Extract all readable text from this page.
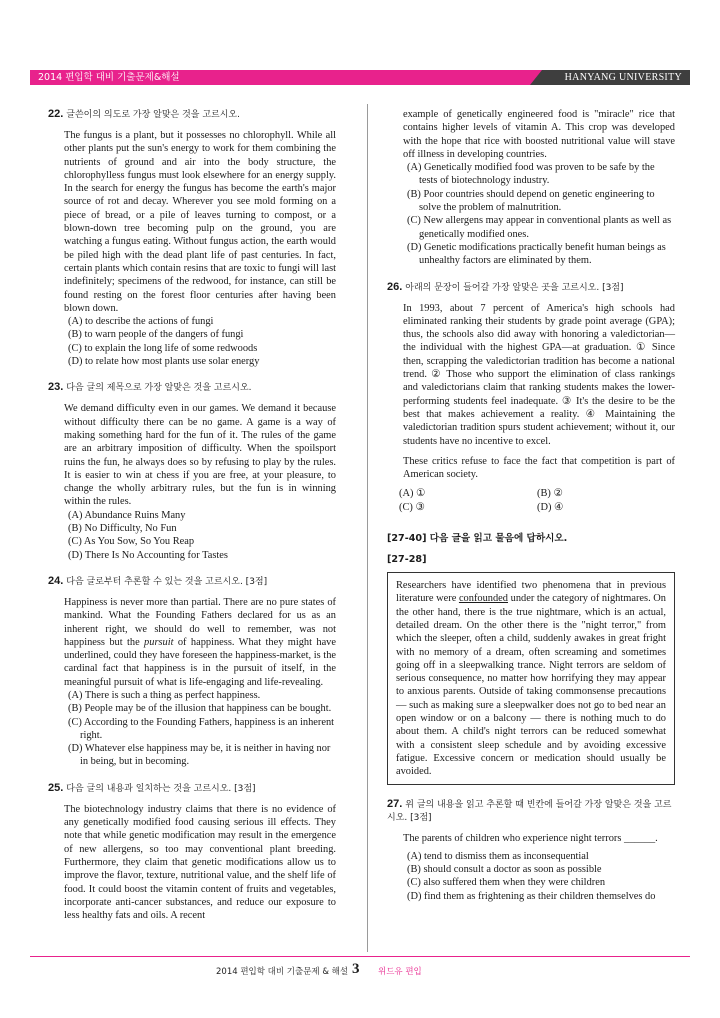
2014 편입학 대비 기출문제&해설	HANYANG UNIVERSITY
22. 글쓴이의 의도로 가장 알맞은 것을 고르시오.

The fungus is a plant, but it possesses no chlorophyll. While all other plants put the sun's energy to work for them combining the nutrients of ground and air into the body structure, the chlorophylless fungus must look elsewhere for an energy supply. In the search for energy the fungus has become the earth's major source of rot and decay. Wherever you see mold forming on a piece of bread, or a pile of leaves turning to compost, or a blown-down tree becoming pulp on the ground, you are watching a fungus eating. Without fungus action, the earth would be piled high with the dead plant life of past centuries. In fact, certain plants which contain resins that are toxic to fungi will last indefinitely; specimens of the redwood, for instance, can still be found resting on the forest floor centuries after having been blown down.

(A) to describe the actions of fungi

(B) to warn people of the dangers of fungi

(C) to explain the long life of some redwoods

(D) to relate how most plants use solar energy

23. 다음 글의 제목으로 가장 알맞은 것을 고르시오.

We demand difficulty even in our games. We demand it because without difficulty there can be no game. A game is a way of making something hard for the fun of it. The rules of the game are an arbitrary imposition of difficulty. When the spoilsport ruins the fun, he always does so by refusing to play by the rules. It is easier to win at chess if you are free, at your pleasure, to change the wholly arbitrary rules, but the fun is in winning within the rules.

(A) Abundance Ruins Many

(B) No Difficulty, No Fun

(C) As You Sow, So You Reap

(D) There Is No Accounting for Tastes

24. 다음 글로부터 추론할 수 있는 것을 고르시오. [3점]

Happiness is never more than partial. There are no pure states of mankind. What the Founding Fathers declared for us as an inherent right, we should do well to remember, was not happiness but the pursuit of happiness. What they might have underlined, could they have foreseen the happiness-market, is the cardinal fact that happiness is in the pursuit of itself, in the meaningful pursuit of what is life-engaging and life-revealing.

(A) There is such a thing as perfect happiness.

(B) People may be of the illusion that happiness can be bought.

(C) According to the Founding Fathers, happiness is an inherent right.

(D) Whatever else happiness may be, it is neither in having nor in being, but in becoming.

25. 다음 글의 내용과 일치하는 것을 고르시오. [3점]

The biotechnology industry claims that there is no evidence of any genetically modified food causing serious ill effects. They note that while genetic modification may result in the emergence of new allergens, so too may conventional plant breeding. Furthermore, they claim that genetic modifications allow us to improve the flavor, texture, nutritional value, and the shelf life of food. It could boost the vitamin content of fruits and vegetables, incorporate anti-cancer substances, and reduce our exposure to less healthy fats and oils. A recent

example of genetically engineered food is "miracle" rice that contains higher levels of vitamin A. This crop was developed with the hope that rice with boosted nutritional value will stave off illness in developing countries.

(A) Genetically modified food was proven to be safe by the tests of biotechnology industry.

(B) Poor countries should depend on genetic engineering to solve the problem of malnutrition.

(C) New allergens may appear in conventional plants as well as genetically modified ones.

(D) Genetic modifications practically benefit human beings as unhealthy factors are eliminated by them.

26. 아래의 문장이 들어갈 가장 알맞은 곳을 고르시오. [3점]

In 1993, about 7 percent of America's high schools had eliminated ranking their students by grade point average (GPA); thus, the schools also did away with honoring a valedictorian—the individual with the highest GPA—at graduation. ① Since then, scrapping the valedictorian tradition has become a national trend. ② Those who support the elimination of class rankings and valedictorians claim that ranking students makes the lower-performing students feel inadequate. ③ It's the desire to be the best that makes achievement a reality. ④ Maintaining the valedictorian tradition spurs student achievement; without it, our students have no incentive to excel.

These critics refuse to face the fact that competition is part of American society.

(A) ①	(B) ②
(C) ③	(D) ④
[27-40] 다음 글을 읽고 물음에 답하시오.
[27-28]
Researchers have identified two phenomena that in previous literature were confounded under the category of nightmares. On the other hand, there is the true nightmare, which is an actual, detailed dream. On the other there is the "night terror," from which the sleeper, often a child, suddenly awakes in great fright with no memory of a dream, often screaming and sometimes going off in a sleepwalking trance. Night terrors are seldom of serious consequence, no matter how horrifying they may appear to anxious parents. Outside of taking commonsense precautions — such as making sure a sleepwalker does not go to bed near an open window or on a balcony — there is nothing much to do about them. A child's night terrors can be reduced somewhat with a consistent sleep schedule and by avoiding excessive fatigue. Excessive concern or medication should usually be avoided.
27. 위 글의 내용을 읽고 추론할 때 빈칸에 들어갈 가장 알맞은 것을 고르시오. [3점]

The parents of children who experience night terrors ______.

(A) tend to dismiss them as inconsequential

(B) should consult a doctor as soon as possible

(C) also suffered them when they were children

(D) find them as frightening as their children themselves do

2014 편입학 대비 기출문제 & 해설 3 위드유 편입
